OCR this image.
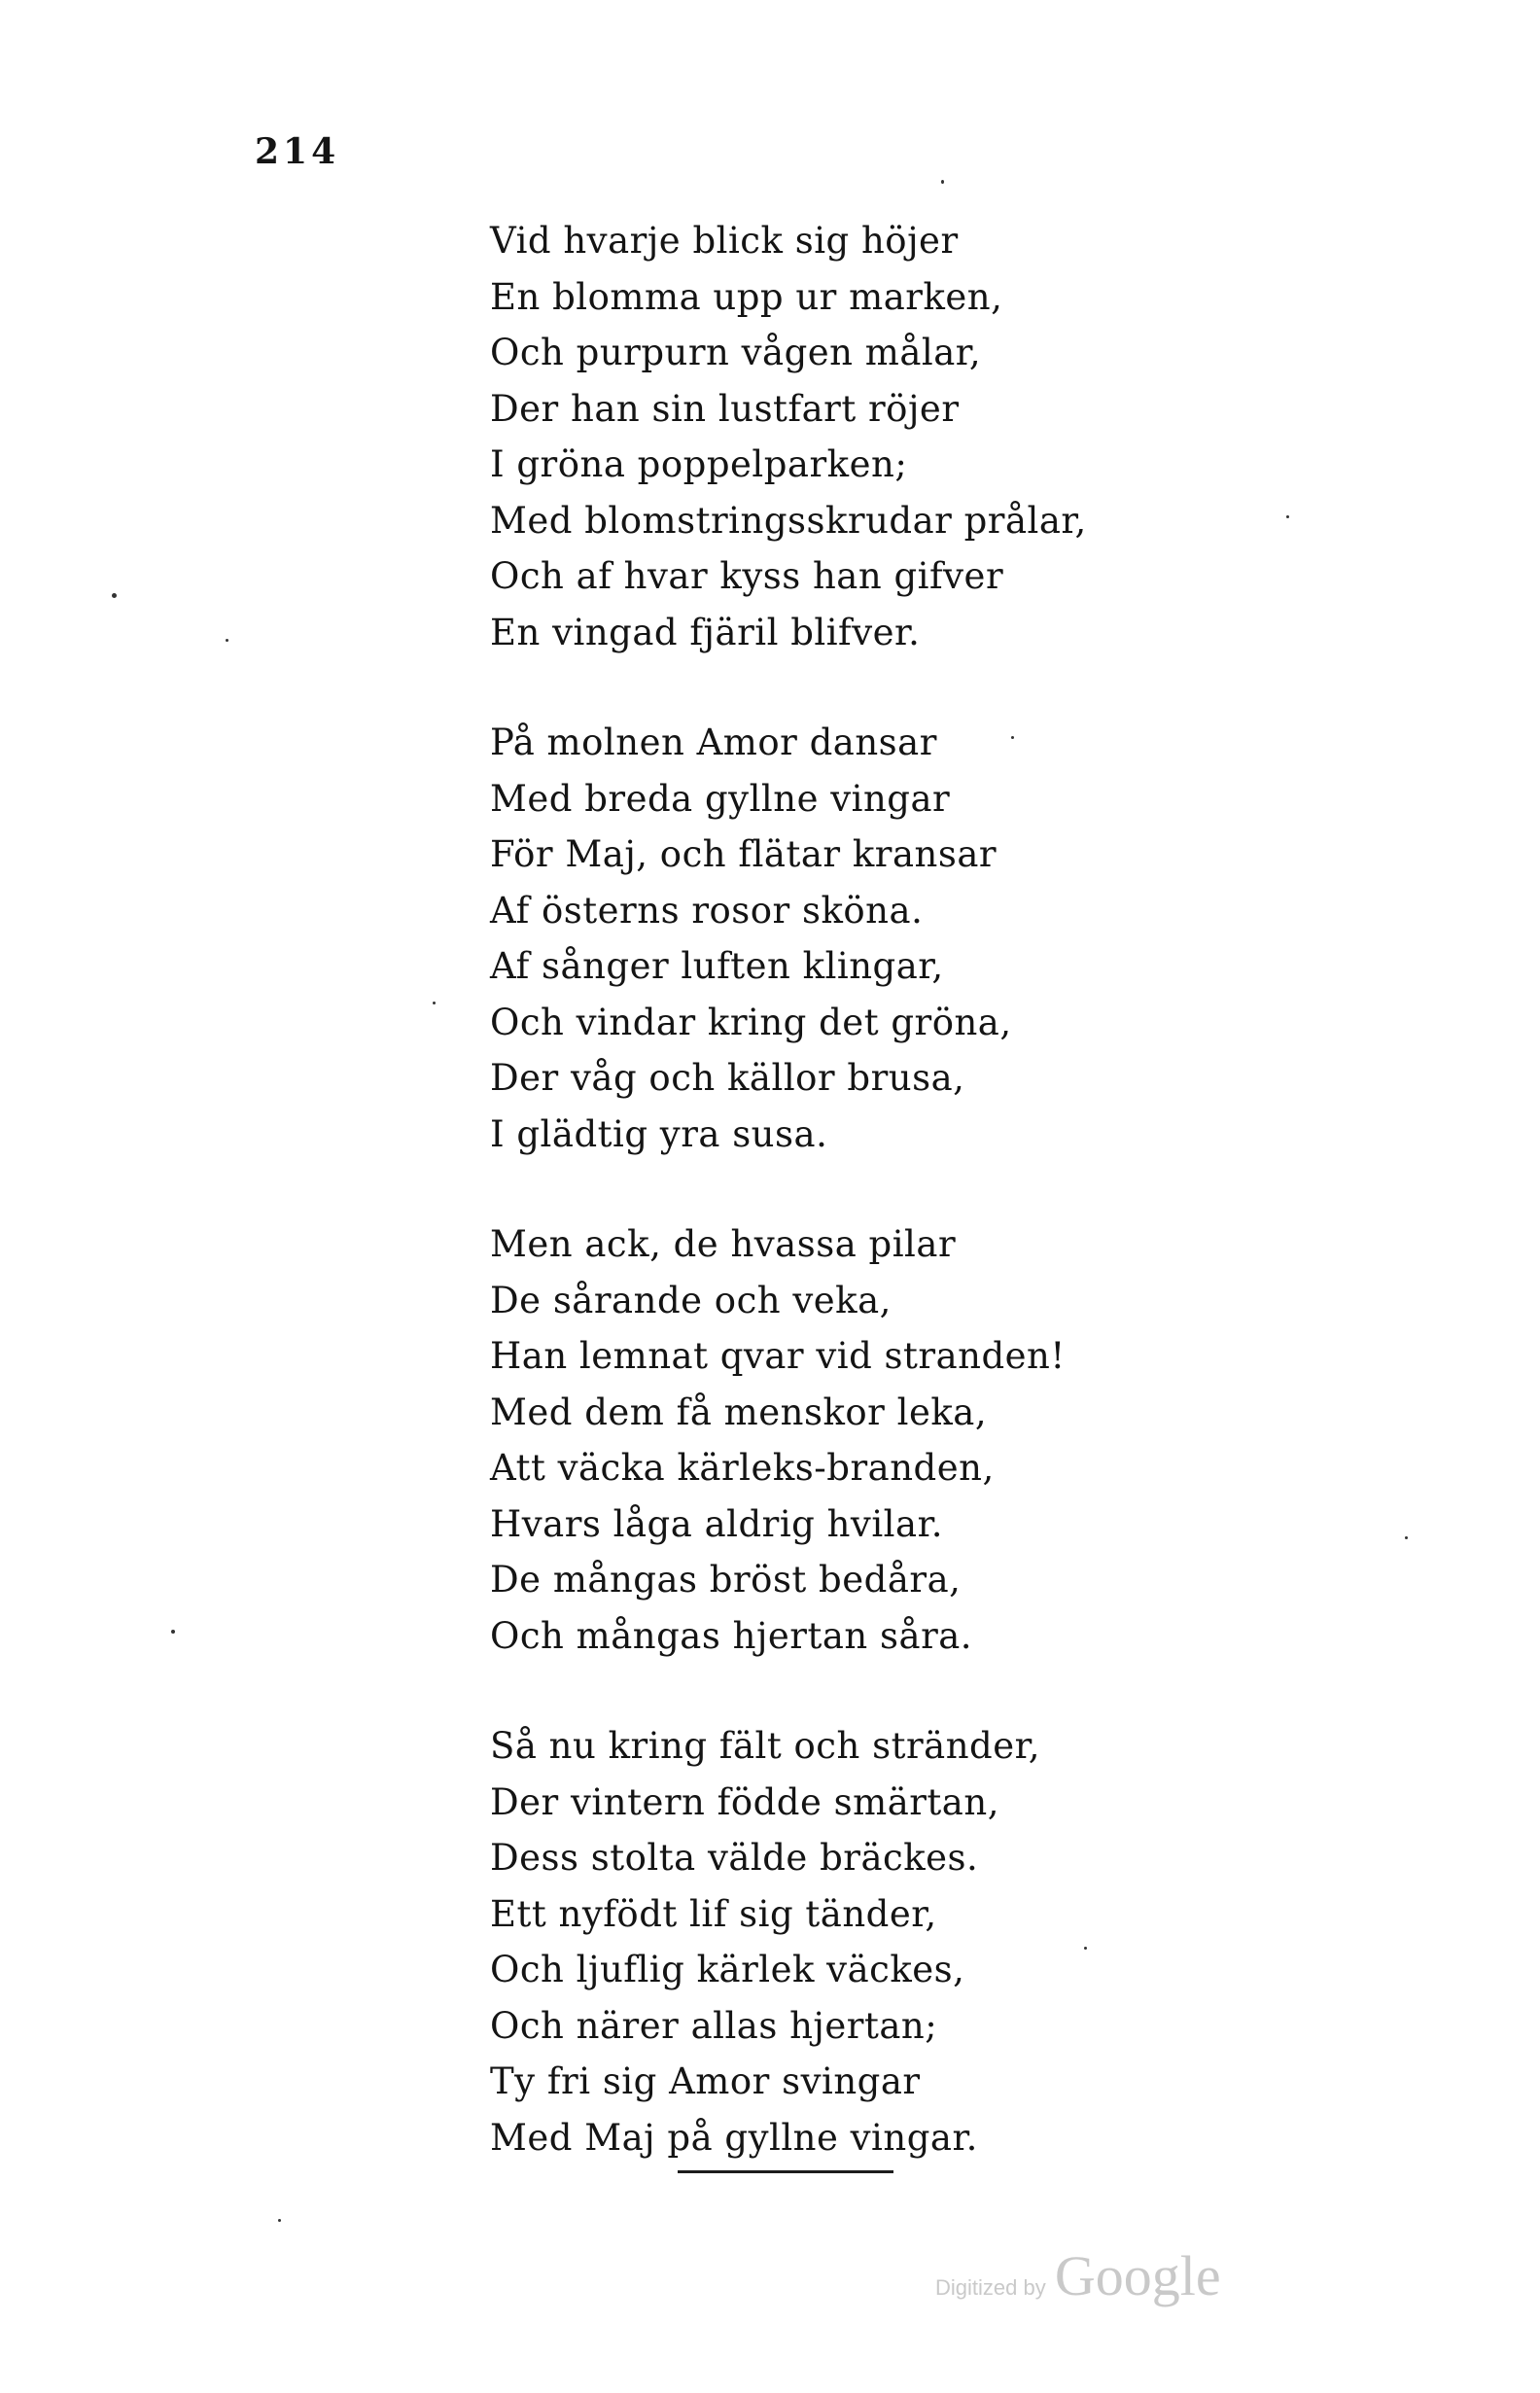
214
Vid hvarje blick sig höjer
En blomma upp ur marken,
Och purpurn vågen målar,
Der han sin lustfart röjer
I gröna poppelparken;
Med blomstringsskrudar prålar,
Och af hvar kyss han gifver
En vingad fjäril blifver.
På molnen Amor dansar
Med breda gyllne vingar
För Maj, och flätar kransar
Af österns rosor sköna.
Af sånger luften klingar,
Och vindar kring det gröna,
Der våg och källor brusa,
I glädtig yra susa.
Men ack, de hvassa pilar
De sårande och veka,
Han lemnat qvar vid stranden!
Med dem få menskor leka,
Att väcka kärleks-branden,
Hvars låga aldrig hvilar.
De mångas bröst bedåra,
Och mångas hjertan såra.
Så nu kring fält och stränder,
Der vintern födde smärtan,
Dess stolta välde bräckes.
Ett nyfödt lif sig tänder,
Och ljuflig kärlek väckes,
Och närer allas hjertan;
Ty fri sig Amor svingar
Med Maj på gyllne vingar.
Digitized by Google
